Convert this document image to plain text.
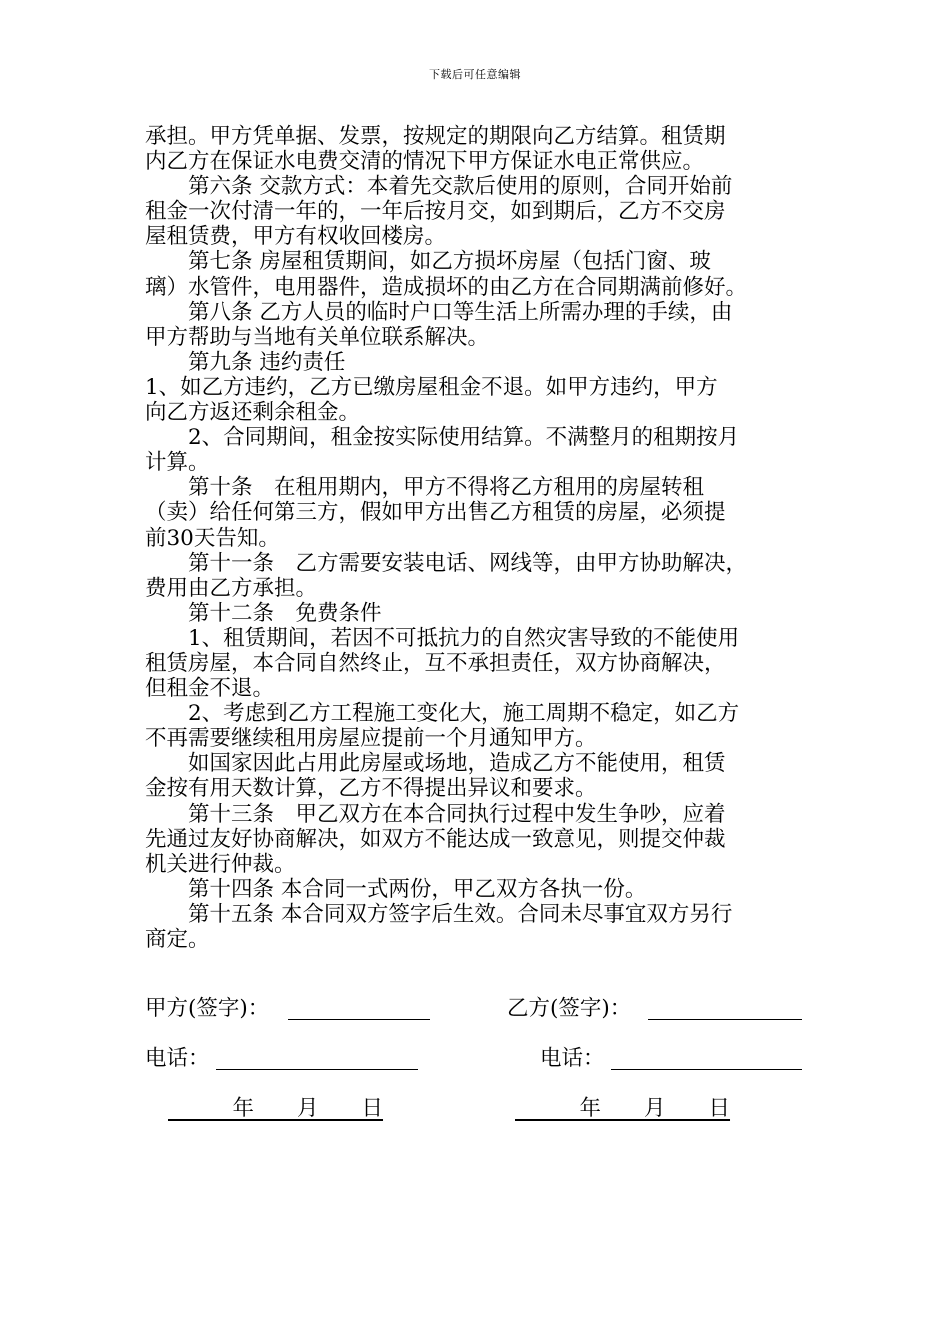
下载后可任意编辑
承担。甲方凭单据、发票，按规定的期限向乙方结算。租赁期
内乙方在保证水电费交清的情况下甲方保证水电正常供应。
　　第六条 交款方式：本着先交款后使用的原则，合同开始前
租金一次付清一年的，一年后按月交，如到期后，乙方不交房
屋租赁费，甲方有权收回楼房。
　　第七条 房屋租赁期间，如乙方损坏房屋（包括门窗、玻
璃）水管件，电用器件，造成损坏的由乙方在合同期满前修好。
　　第八条 乙方人员的临时户口等生活上所需办理的手续，由
甲方帮助与当地有关单位联系解决。
　　第九条 违约责任
1、如乙方违约，乙方已缴房屋租金不退。如甲方违约，甲方
向乙方返还剩余租金。
　　2、合同期间，租金按实际使用结算。不满整月的租期按月
计算。
　　第十条　在租用期内，甲方不得将乙方租用的房屋转租
（卖）给任何第三方，假如甲方出售乙方租赁的房屋，必须提
前30天告知。
　　第十一条　乙方需要安装电话、网线等，由甲方协助解决，
费用由乙方承担。
　　第十二条　免费条件
　　1、租赁期间，若因不可抵抗力的自然灾害导致的不能使用
租赁房屋，本合同自然终止，互不承担责任，双方协商解决，
但租金不退。
　　2、考虑到乙方工程施工变化大，施工周期不稳定，如乙方
不再需要继续租用房屋应提前一个月通知甲方。
　　如国家因此占用此房屋或场地，造成乙方不能使用，租赁
金按有用天数计算，乙方不得提出异议和要求。
　　第十三条　甲乙双方在本合同执行过程中发生争吵，应着
先通过友好协商解决，如双方不能达成一致意见，则提交仲裁
机关进行仲裁。
　　第十四条 本合同一式两份，甲乙双方各执一份。
　　第十五条 本合同双方签字后生效。合同未尽事宜双方另行
商定。
甲方(签字)：	乙方(签字)：
电话：	电话：
　　　年　　月　　日	　　　年　　月　　日
